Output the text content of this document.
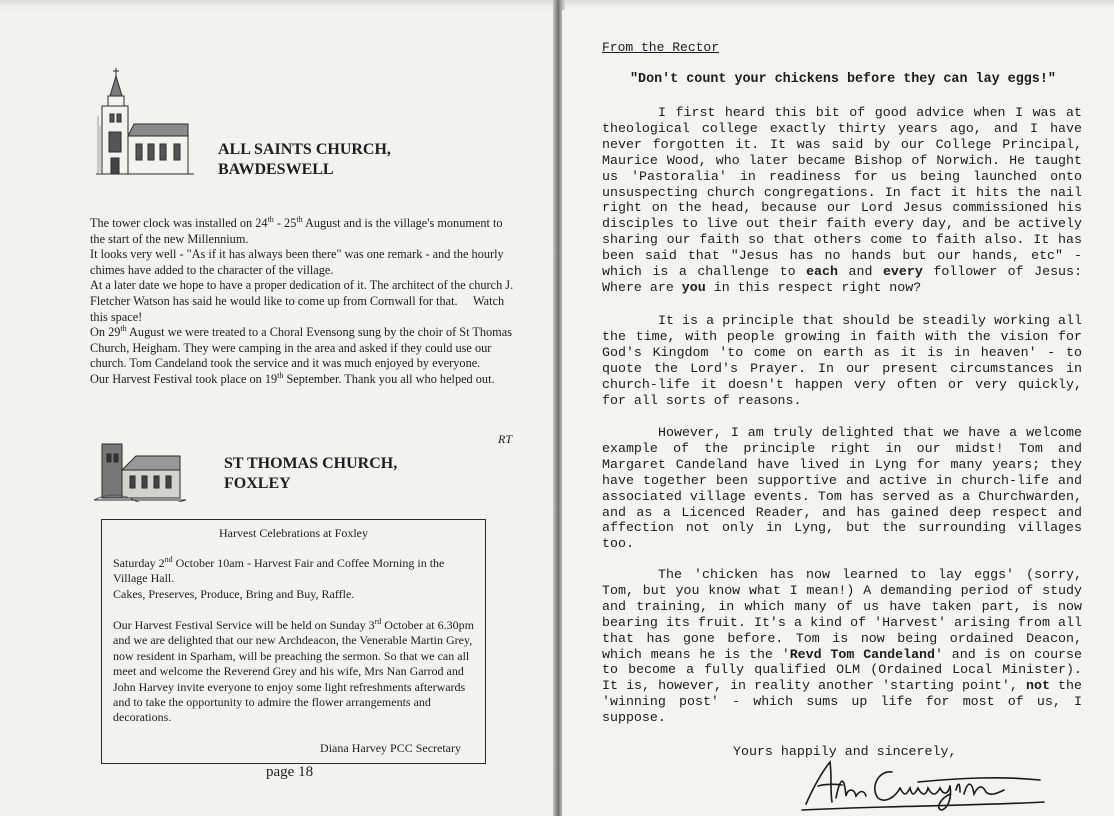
ALL SAINTS CHURCH,
BAWDESWELL

The tower clock was installed on 24th - 25th August and is the village's monument to the start of the new Millennium.

It looks very well - "As if it has always been there" was one remark - and the hourly chimes have added to the character of the village.

At a later date we hope to have a proper dedication of it. The architect of the church J. Fletcher Watson has said he would like to come up from Cornwall for that. Watch this space!

On 29th August we were treated to a Choral Evensong sung by the choir of St Thomas Church, Heigham. They were camping in the area and asked if they could use our church. Tom Candeland took the service and it was much enjoyed by everyone.

Our Harvest Festival took place on 19th September. Thank you all who helped out.

RT
ST THOMAS CHURCH,
FOXLEY
Harvest Celebrations at Foxley

Saturday 2nd October 10am - Harvest Fair and Coffee Morning in the Village Hall.

Cakes, Preserves, Produce, Bring and Buy, Raffle.

Our Harvest Festival Service will be held on Sunday 3rd October at 6.30pm and we are delighted that our new Archdeacon, the Venerable Martin Grey, now resident in Sparham, will be preaching the sermon. So that we can all meet and welcome the Reverend Grey and his wife, Mrs Nan Garrod and John Harvey invite everyone to enjoy some light refreshments afterwards and to take the opportunity to admire the flower arrangements and decorations.

Diana Harvey PCC Secretary
page 18
From the Rector
"Don't count your chickens before they can lay eggs!"

I first heard this bit of good advice when I was at theological college exactly thirty years ago, and I have never forgotten it. It was said by our College Principal, Maurice Wood, who later became Bishop of Norwich. He taught us 'Pastoralia' in readiness for us being launched onto unsuspecting church congregations. In fact it hits the nail right on the head, because our Lord Jesus commissioned his disciples to live out their faith every day, and be actively sharing our faith so that others come to faith also. It has been said that "Jesus has no hands but our hands, etc" - which is a challenge to each and every follower of Jesus: Where are you in this respect right now?

It is a principle that should be steadily working all the time, with people growing in faith with the vision for God's Kingdom 'to come on earth as it is in heaven' - to quote the Lord's Prayer. In our present circumstances in church-life it doesn't happen very often or very quickly, for all sorts of reasons.

However, I am truly delighted that we have a welcome example of the principle right in our midst! Tom and Margaret Candeland have lived in Lyng for many years; they have together been supportive and active in church-life and associated village events. Tom has served as a Churchwarden, and as a Licenced Reader, and has gained deep respect and affection not only in Lyng, but the surrounding villages too.

The 'chicken has now learned to lay eggs' (sorry, Tom, but you know what I mean!) A demanding period of study and training, in which many of us have taken part, is now bearing its fruit. It's a kind of 'Harvest' arising from all that has gone before. Tom is now being ordained Deacon, which means he is the 'Revd Tom Candeland' and is on course to become a fully qualified OLM (Ordained Local Minister). It is, however, in reality another 'starting point', not the 'winning post' - which sums up life for most of us, I suppose.

Yours happily and sincerely,
